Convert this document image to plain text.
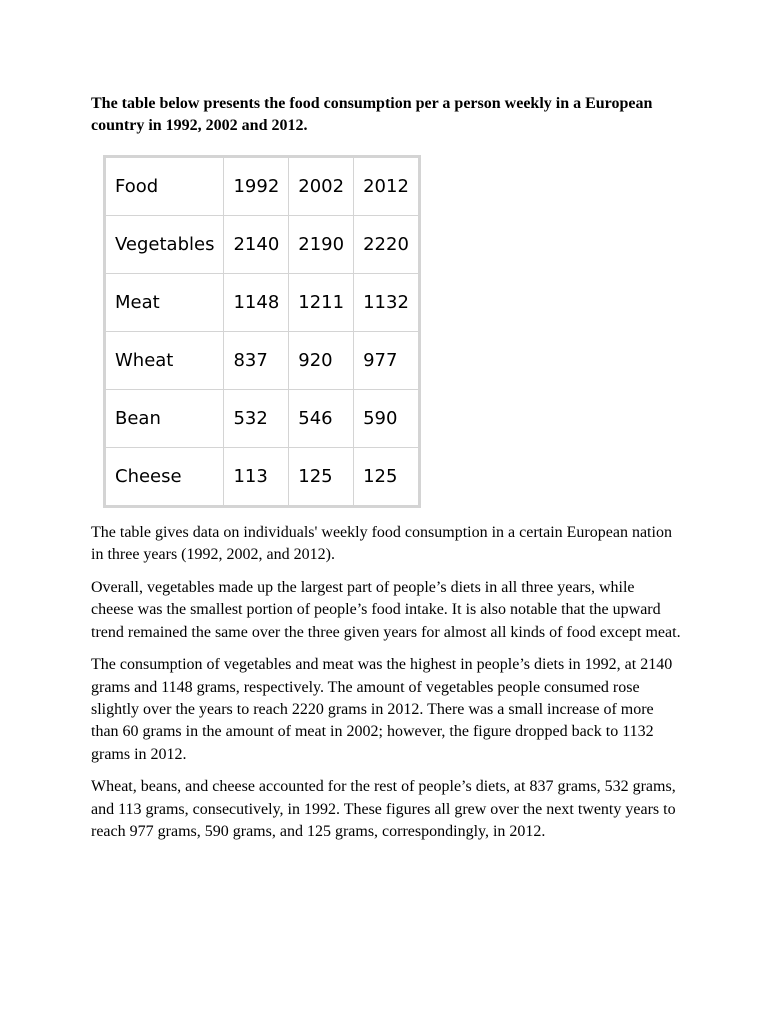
The table below presents the food consumption per a person weekly in a European country in 1992, 2002 and 2012.
Food	1992	2002	2012
Vegetables	2140	2190	2220
Meat	1148	1211	1132
Wheat	837	920	977
Bean	532	546	590
Cheese	113	125	125

The table gives data on individuals' weekly food consumption in a certain European nation in three years (1992, 2002, and 2012).

Overall, vegetables made up the largest part of people’s diets in all three years, while cheese was the smallest portion of people’s food intake. It is also notable that the upward trend remained the same over the three given years for almost all kinds of food except meat.

The consumption of vegetables and meat was the highest in people’s diets in 1992, at 2140 grams and 1148 grams, respectively. The amount of vegetables people consumed rose slightly over the years to reach 2220 grams in 2012. There was a small increase of more than 60 grams in the amount of meat in 2002; however, the figure dropped back to 1132 grams in 2012.

Wheat, beans, and cheese accounted for the rest of people’s diets, at 837 grams, 532 grams, and 113 grams, consecutively, in 1992. These figures all grew over the next twenty years to reach 977 grams, 590 grams, and 125 grams, correspondingly, in 2012.
